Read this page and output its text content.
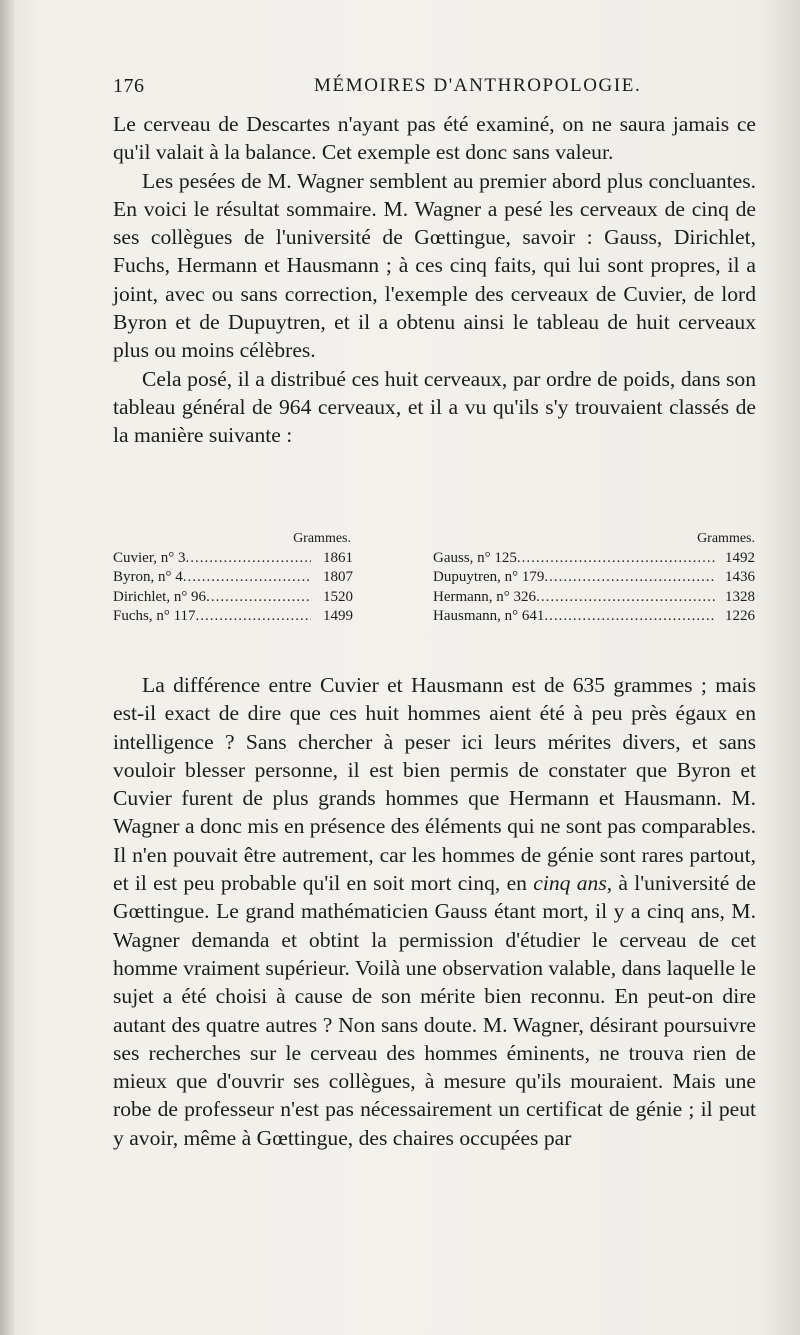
176	MÉMOIRES D'ANTHROPOLOGIE.

Le cerveau de Descartes n'ayant pas été examiné, on ne saura jamais ce qu'il valait à la balance. Cet exemple est donc sans valeur.

Les pesées de M. Wagner semblent au premier abord plus concluantes. En voici le résultat sommaire. M. Wagner a pesé les cerveaux de cinq de ses collègues de l'université de Gœttingue, savoir : Gauss, Dirichlet, Fuchs, Hermann et Hausmann ; à ces cinq faits, qui lui sont propres, il a joint, avec ou sans correction, l'exemple des cerveaux de Cuvier, de lord Byron et de Dupuytren, et il a obtenu ainsi le tableau de huit cerveaux plus ou moins célèbres.

Cela posé, il a distribué ces huit cerveaux, par ordre de poids, dans son tableau général de 964 cerveaux, et il a vu qu'ils s'y trouvaient classés de la manière suivante :

Grammes.
Cuvier, n° 3 .....	1861
Byron, n° 4 .....	1807
Dirichlet, n° 96 .....	1520
Fuchs, n° 117 .....	1499
Grammes.
Gauss, n° 125 .....	1492
Dupuytren, n° 179 .....	1436
Hermann, n° 326 .....	1328
Hausmann, n° 641 .....	1226

La différence entre Cuvier et Hausmann est de 635 grammes ; mais est-il exact de dire que ces huit hommes aient été à peu près égaux en intelligence ? Sans chercher à peser ici leurs mérites divers, et sans vouloir blesser personne, il est bien permis de constater que Byron et Cuvier furent de plus grands hommes que Hermann et Hausmann. M. Wagner a donc mis en présence des éléments qui ne sont pas comparables. Il n'en pouvait être autrement, car les hommes de génie sont rares partout, et il est peu probable qu'il en soit mort cinq, en cinq ans, à l'université de Gœttingue. Le grand mathématicien Gauss étant mort, il y a cinq ans, M. Wagner demanda et obtint la permission d'étudier le cerveau de cet homme vraiment supérieur. Voilà une observation valable, dans laquelle le sujet a été choisi à cause de son mérite bien reconnu. En peut-on dire autant des quatre autres ? Non sans doute. M. Wagner, désirant poursuivre ses recherches sur le cerveau des hommes éminents, ne trouva rien de mieux que d'ouvrir ses collègues, à mesure qu'ils mouraient. Mais une robe de professeur n'est pas nécessairement un certificat de génie ; il peut y avoir, même à Gœttingue, des chaires occupées par
